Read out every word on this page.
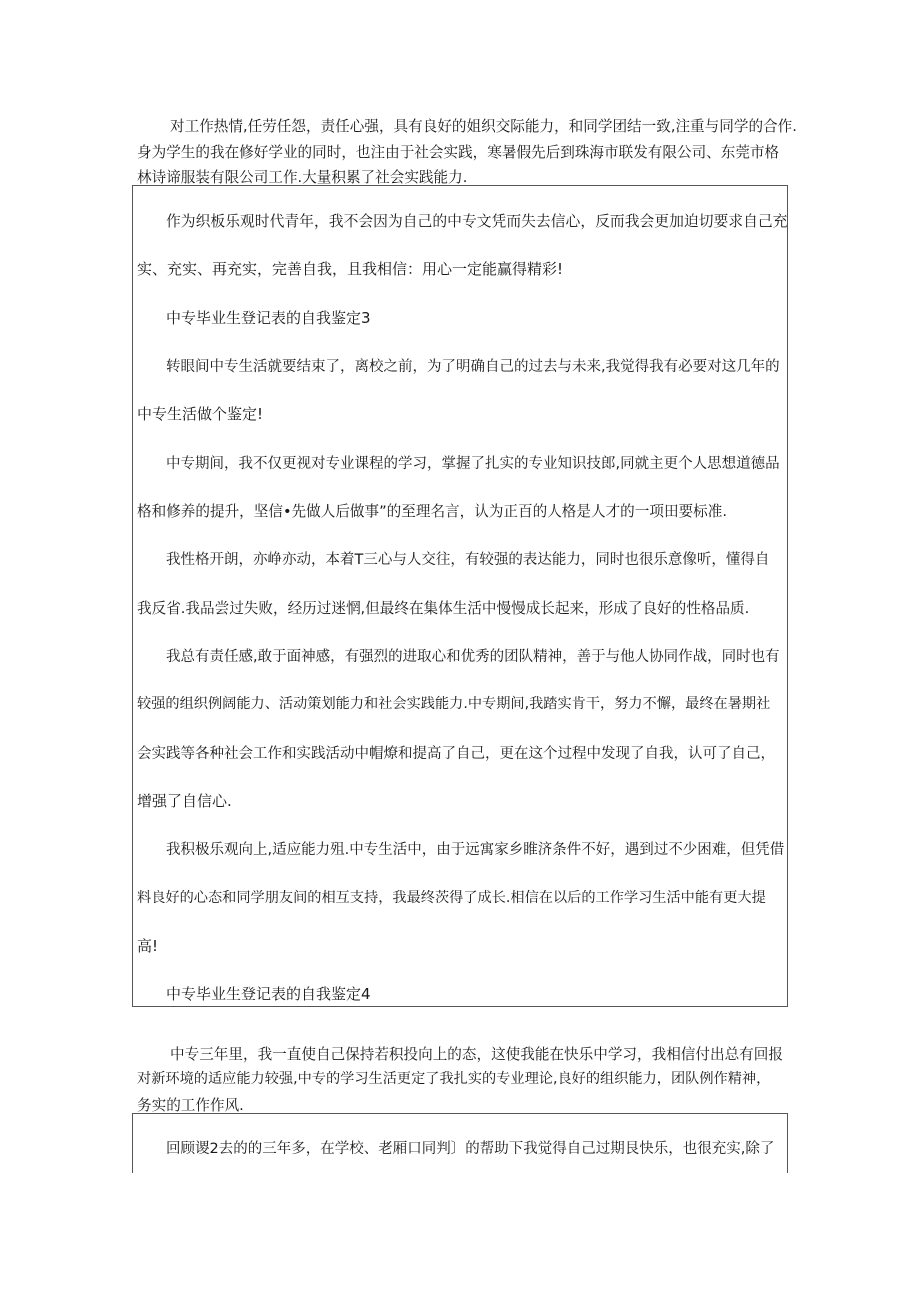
对工作热情,任劳任怨，责任心强，具有良好的姐织交际能力，和同学团结一致,注重与同学的合作.

身为学生的我在修好学业的同时，也注由于社会实践，寒暑假先后到珠海市联发有限公司、东莞市格

林诗谛服装有限公司工作.大量积累了社会实践能力.

作为织板乐观时代青年，我不会因为自己的中专文凭而失去信心，反而我会更加迫切要求自己充

实、充实、再充实，完善自我，且我相信：用心一定能赢得精彩!

中专毕业生登记表的自我鉴定3

转眼间中专生活就要结束了，离校之前，为了明确自己的过去与未来,我觉得我有必要对这几年的

中专生活做个鉴定!

中专期间，我不仅更视对专业课程的学习，掌握了扎实的专业知识技郎,同就主更个人思想道德品

格和修养的提升，坚信•先做人后做事”的至理名言，认为正百的人格是人才的一项田要标准.

我性格开朗，亦峥亦动，本着T三心与人交往，有较强的表达能力，同时也很乐意像听，懂得自

我反省.我品尝过失败，经历过迷惘,但最终在集体生活中慢慢成长起来，形成了良好的性格品质.

我总有责任感,敢于面神感，有强烈的进取心和优秀的团队精神，善于与他人协同作战，同时也有

较强的组织例阔能力、活动策划能力和社会实践能力.中专期间,我踏实肯干，努力不懈，最终在暑期社

会实践等各种社会工作和实践活动中帽燎和提高了自己，更在这个过程中发现了自我，认可了自己，

增强了自信心.

我积极乐观向上,适应能力殂.中专生活中，由于远寓家乡睢济条件不好，遇到过不少困难，但凭借

料良好的心态和同学朋友间的相互支持，我最终茨得了成长.相信在以后的工作学习生活中能有更大提

高!

中专毕业生登记表的自我鉴定4

中专三年里，我一直使自己保持若积投向上的态，这使我能在快乐中学习，我相信付出总有回报

对新环境的适应能力较强,中专的学习生活更定了我扎实的专业理论,良好的组织能力，团队例作精神，

务实的工作作风.

回顾谡2去的的三年多，在学校、老厢口同判〕的帮助下我觉得自己过期艮快乐，也很充实,除了
